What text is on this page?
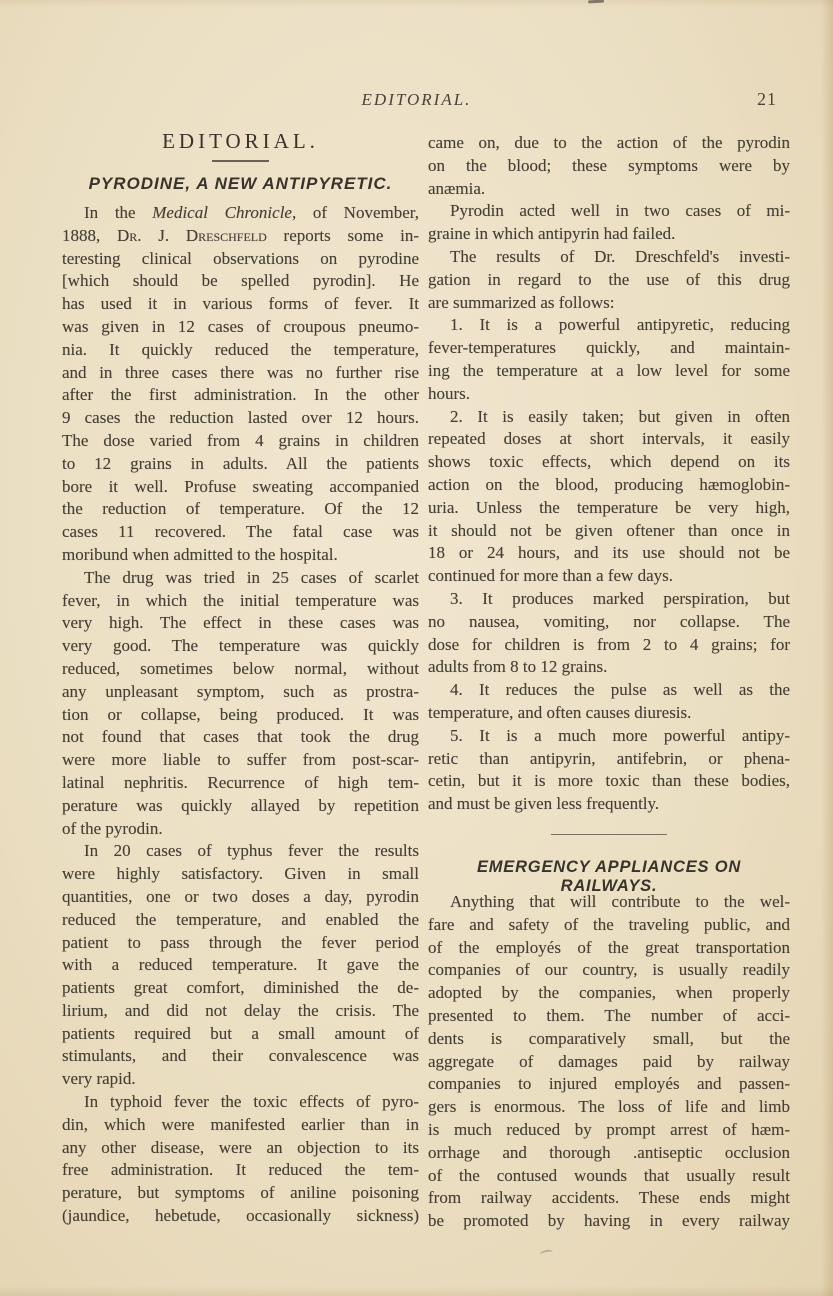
EDITORIAL.	21
EDITORIAL.
PYRODINE, A NEW ANTIPYRETIC.
In the Medical Chronicle, of November,
1888, Dr. J. Dreschfeld reports some in-
teresting clinical observations on pyrodine
[which should be spelled pyrodin]. He
has used it in various forms of fever. It
was given in 12 cases of croupous pneumo-
nia. It quickly reduced the temperature,
and in three cases there was no further rise
after the first administration. In the other
9 cases the reduction lasted over 12 hours.
The dose varied from 4 grains in children
to 12 grains in adults. All the patients
bore it well. Profuse sweating accompanied
the reduction of temperature. Of the 12
cases 11 recovered. The fatal case was
moribund when admitted to the hospital.
The drug was tried in 25 cases of scarlet
fever, in which the initial temperature was
very high. The effect in these cases was
very good. The temperature was quickly
reduced, sometimes below normal, without
any unpleasant symptom, such as prostra-
tion or collapse, being produced. It was
not found that cases that took the drug
were more liable to suffer from post-scar-
latinal nephritis. Recurrence of high tem-
perature was quickly allayed by repetition
of the pyrodin.
In 20 cases of typhus fever the results
were highly satisfactory. Given in small
quantities, one or two doses a day, pyrodin
reduced the temperature, and enabled the
patient to pass through the fever period
with a reduced temperature. It gave the
patients great comfort, diminished the de-
lirium, and did not delay the crisis. The
patients required but a small amount of
stimulants, and their convalescence was
very rapid.
In typhoid fever the toxic effects of pyro-
din, which were manifested earlier than in
any other disease, were an objection to its
free administration. It reduced the tem-
perature, but symptoms of aniline poisoning
(jaundice, hebetude, occasionally sickness)
came on, due to the action of the pyrodin
on the blood; these symptoms were by
anæmia.
Pyrodin acted well in two cases of mi-
graine in which antipyrin had failed.
The results of Dr. Dreschfeld's investi-
gation in regard to the use of this drug
are summarized as follows:
1. It is a powerful antipyretic, reducing
fever-temperatures quickly, and maintain-
ing the temperature at a low level for some
hours.
2. It is easily taken; but given in often
repeated doses at short intervals, it easily
shows toxic effects, which depend on its
action on the blood, producing hæmoglobin-
uria. Unless the temperature be very high,
it should not be given oftener than once in
18 or 24 hours, and its use should not be
continued for more than a few days.
3. It produces marked perspiration, but
no nausea, vomiting, nor collapse. The
dose for children is from 2 to 4 grains; for
adults from 8 to 12 grains.
4. It reduces the pulse as well as the
temperature, and often causes diuresis.
5. It is a much more powerful antipy-
retic than antipyrin, antifebrin, or phena-
cetin, but it is more toxic than these bodies,
and must be given less frequently.
EMERGENCY APPLIANCES ON RAILWAYS.
Anything that will contribute to the wel-
fare and safety of the traveling public, and
of the employés of the great transportation
companies of our country, is usually readily
adopted by the companies, when properly
presented to them. The number of acci-
dents is comparatively small, but the
aggregate of damages paid by railway
companies to injured employés and passen-
gers is enormous. The loss of life and limb
is much reduced by prompt arrest of hæm-
orrhage and thorough .antiseptic occlusion
of the contused wounds that usually result
from railway accidents. These ends might
be promoted by having in every railway
